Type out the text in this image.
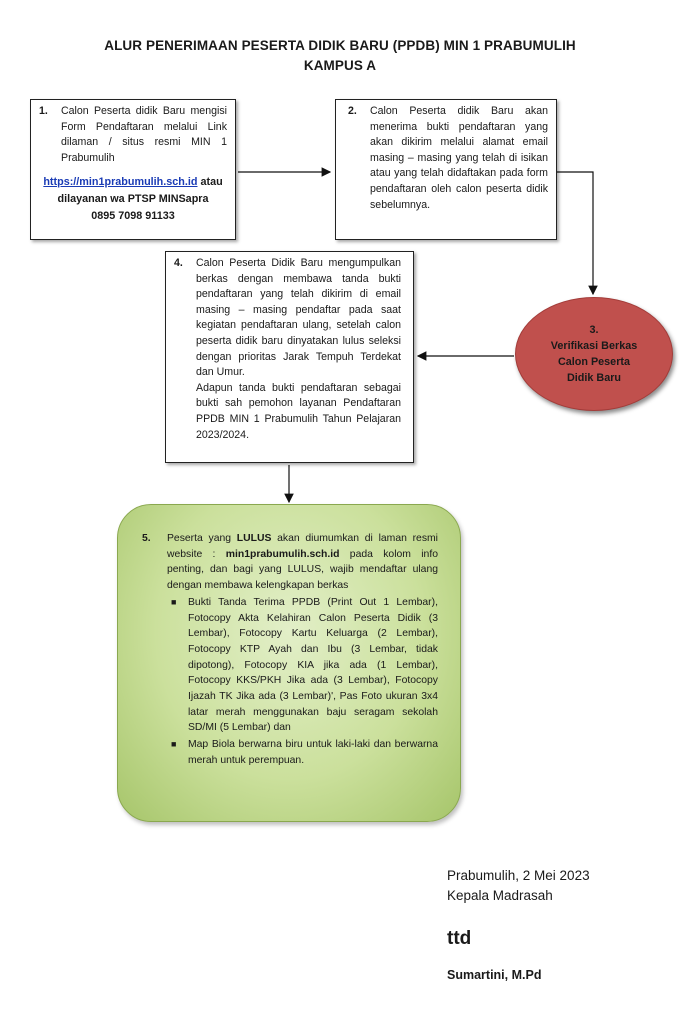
ALUR PENERIMAAN PESERTA DIDIK BARU (PPDB) MIN 1 PRABUMULIH
KAMPUS A
1.	Calon Peserta didik Baru mengisi Form Pendaftaran melalui Link dilaman / situs resmi MIN 1 Prabumulih
https://min1prabumulih.sch.id atau
dilayanan wa PTSP MINSapra
0895 7098 91133
2.	Calon Peserta didik Baru akan menerima bukti pendaftaran yang akan dikirim melalui alamat email masing – masing yang telah di isikan atau yang telah didaftakan pada form pendaftaran oleh calon peserta didik sebelumnya.
3.
Verifikasi Berkas
Calon Peserta
Didik Baru
4.	Calon Peserta Didik Baru mengumpulkan berkas dengan membawa tanda bukti pendaftaran yang telah dikirim di email masing – masing pendaftar pada saat kegiatan pendaftaran ulang, setelah calon peserta didik baru dinyatakan lulus seleksi dengan prioritas Jarak Tempuh Terdekat dan Umur.
Adapun tanda bukti pendaftaran sebagai bukti sah pemohon layanan Pendaftaran PPDB MIN 1 Prabumulih Tahun Pelajaran 2023/2024.
5.	Peserta yang LULUS akan diumumkan di laman resmi website : min1prabumulih.sch.id pada kolom info penting, dan bagi yang LULUS, wajib mendaftar ulang dengan membawa kelengkapan berkas
■	Bukti Tanda Terima PPDB (Print Out 1 Lembar), Fotocopy Akta Kelahiran Calon Peserta Didik (3 Lembar), Fotocopy Kartu Keluarga (2 Lembar), Fotocopy KTP Ayah dan Ibu (3 Lembar, tidak dipotong), Fotocopy KIA jika ada (1 Lembar), Fotocopy KKS/PKH Jika ada (3 Lembar), Fotocopy Ijazah TK Jika ada (3 Lembar)', Pas Foto ukuran 3x4 latar merah menggunakan baju seragam sekolah SD/MI (5 Lembar) dan
■	Map Biola berwarna biru untuk laki-laki dan berwarna merah untuk perempuan.
Prabumulih, 2 Mei 2023
Kepala Madrasah
ttd
Sumartini, M.Pd
